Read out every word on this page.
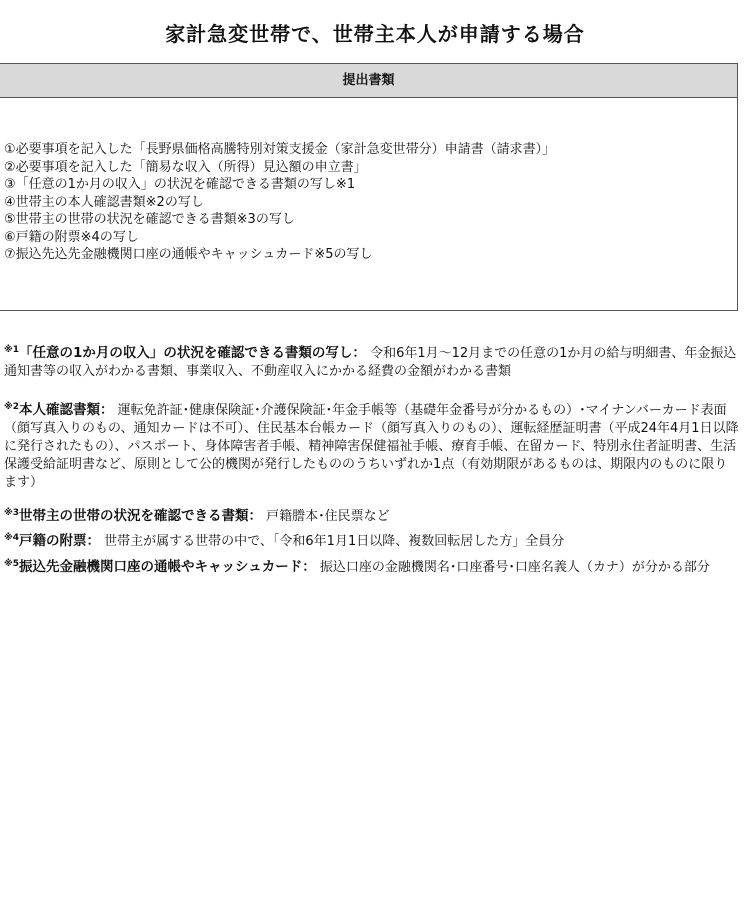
家計急変世帯で、世帯主本人が申請する場合
提出書類
①必要事項を記入した「長野県価格高騰特別対策支援金（家計急変世帯分）申請書（請求書）」
②必要事項を記入した「簡易な収入（所得）見込額の申立書」
③「任意の1か月の収入」の状況を確認できる書類の写し※1
④世帯主の本人確認書類※2の写し
⑤世帯主の世帯の状況を確認できる書類※3の写し
⑥戸籍の附票※4の写し
⑦振込先込先金融機関口座の通帳やキャッシュカード※5の写し
$^{※1}$「任意の1か月の収入」の状況を確認できる書類の写し： 令和6年1月〜12月までの任意の1か月の給与明細書、年金振込通知書等の収入がわかる書類、事業収入、不動産収入にかかる経費の金額がわかる書類
$^{※2}$本人確認書類： 運転免許証･健康保険証･介護保険証･年金手帳等（基礎年金番号が分かるもの）･マイナンバーカード表面（顔写真入りのもの、通知カードは不可）、住民基本台帳カード（顔写真入りのもの）、運転経歴証明書（平成24年4月1日以降に発行されたもの）、パスポート、身体障害者手帳、精神障害保健福祉手帳、療育手帳、在留カード、特別永住者証明書、生活保護受給証明書など、原則として公的機関が発行したもののうちいずれか1点（有効期限があるものは、期限内のものに限ります）
$^{※3}$世帯主の世帯の状況を確認できる書類： 戸籍謄本･住民票など
$^{※4}$戸籍の附票： 世帯主が属する世帯の中で、「令和6年1月1日以降、複数回転居した方」全員分
$^{※5}$振込先金融機関口座の通帳やキャッシュカード： 振込口座の金融機関名･口座番号･口座名義人（カナ）が分かる部分
